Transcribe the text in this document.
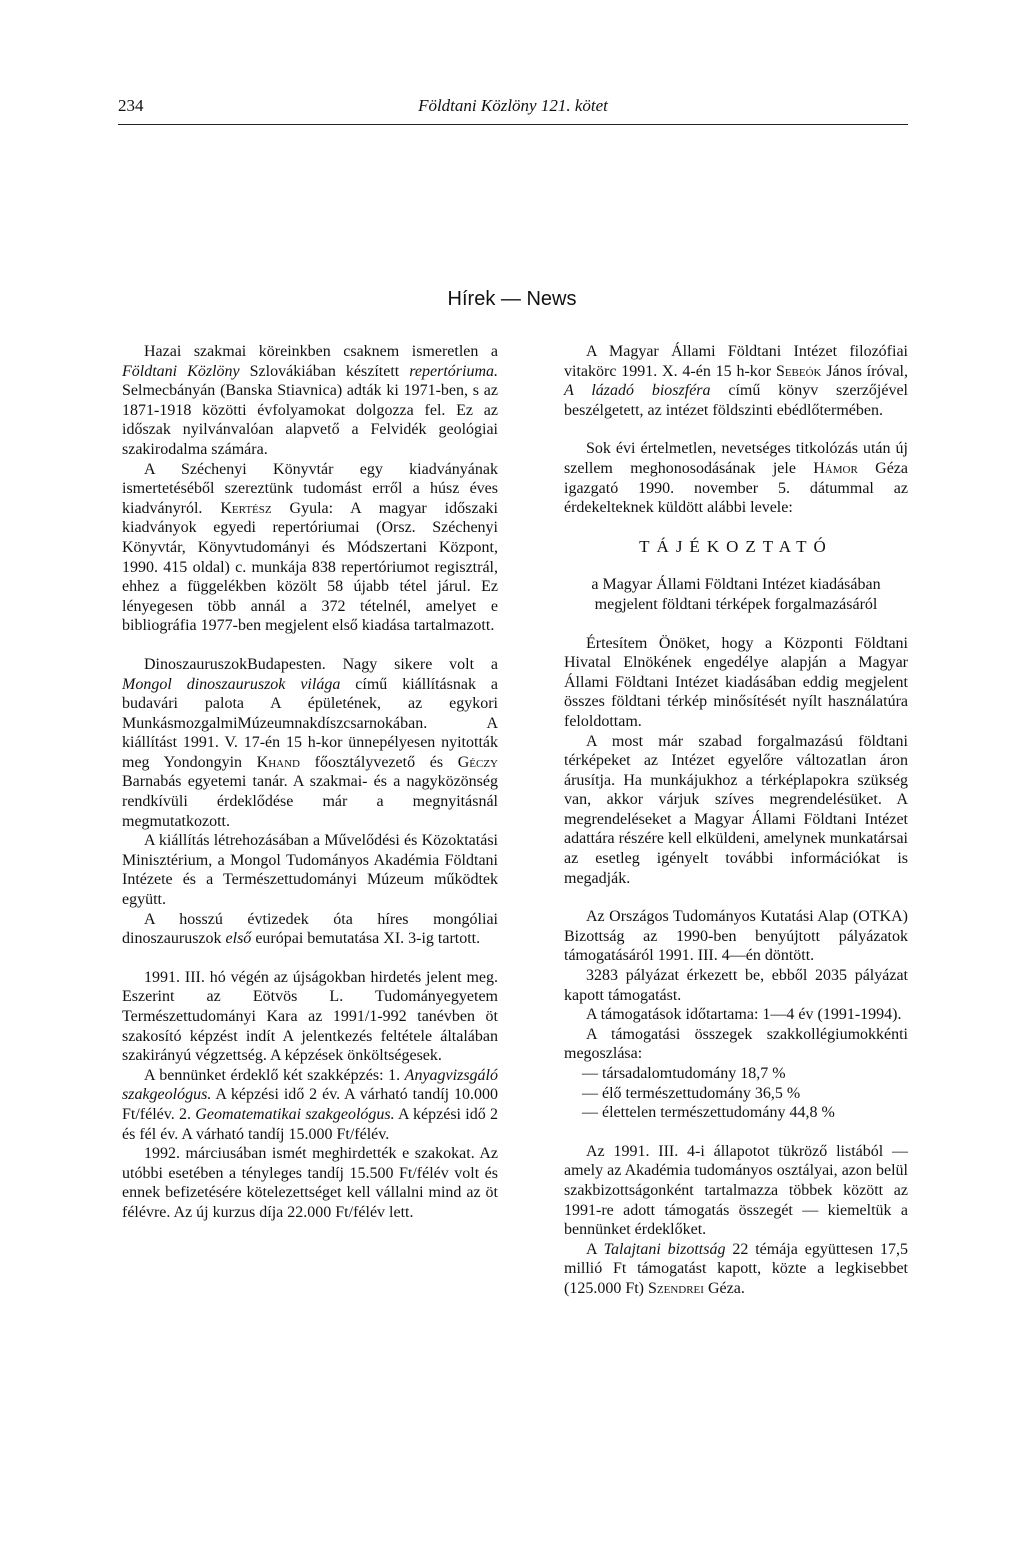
234	Földtani Közlöny 121. kötet
Hírek — News

Hazai szakmai köreinkben csaknem ismeretlen a Földtani Közlöny Szlovákiában készített repertóriuma. Selmecbányán (Banska Stiavnica) adták ki 1971-ben, s az 1871-1918 közötti évfolyamokat dolgozza fel. Ez az időszak nyilvánvalóan alapvető a Felvidék geológiai szakirodalma számára.

A Széchenyi Könyvtár egy kiadványának ismertetéséből szereztünk tudomást erről a húsz éves kiadványról. Kertész Gyula: A magyar időszaki kiadványok egyedi repertóriumai (Orsz. Széchenyi Könyvtár, Könyvtudományi és Módszertani Központ, 1990. 415 oldal) c. munkája 838 repertóriumot regisztrál, ehhez a függelékben közölt 58 újabb tétel járul. Ez lényegesen több annál a 372 tételnél, amelyet e bibliográfia 1977-ben megjelent első kiadása tartalmazott.

DinoszauruszokBudapesten. Nagy sikere volt a Mongol dinoszauruszok világa című kiállításnak a budavári palota A épületének, az egykori MunkásmozgalmiMúzeumnakdíszcsarnokában. A kiállítást 1991. V. 17-én 15 h-kor ünnepélyesen nyitották meg Yondongyin Khand főosztályvezető és Géczy Barnabás egyetemi tanár. A szakmai- és a nagyközönség rendkívüli érdeklődése már a megnyitásnál megmutatkozott.

A kiállítás létrehozásában a Művelődési és Közoktatási Minisztérium, a Mongol Tudományos Akadémia Földtani Intézete és a Természettudományi Múzeum működtek együtt.

A hosszú évtizedek óta híres mongóliai dinoszauruszok első európai bemutatása XI. 3-ig tartott.

1991. III. hó végén az újságokban hirdetés jelent meg. Eszerint az Eötvös L. Tudományegyetem Természettudományi Kara az 1991/1-992 tanévben öt szakosító képzést indít A jelentkezés feltétele általában szakirányú végzettség. A képzések önköltségesek.

A bennünket érdeklő két szakképzés: 1. Anyagvizsgáló szakgeológus. A képzési idő 2 év. A várható tandíj 10.000 Ft/félév. 2. Geomatematikai szakgeológus. A képzési idő 2 és fél év. A várható tandíj 15.000 Ft/félév.

1992. márciusában ismét meghirdették e szakokat. Az utóbbi esetében a tényleges tandíj 15.500 Ft/félév volt és ennek befizetésére kötelezettséget kell vállalni mind az öt félévre. Az új kurzus díja 22.000 Ft/félév lett.

A Magyar Állami Földtani Intézet filozófiai vitakörc 1991. X. 4-én 15 h-kor Sebeók János íróval, A lázadó bioszféra című könyv szerzőjével beszélgetett, az intézet földszinti ebédlőtermében.

Sok évi értelmetlen, nevetséges titkolózás után új szellem meghonosodásának jele Hámor Géza igazgató 1990. november 5. dátummal az érdekelteknek küldött alábbi levele:

TÁJÉKOZTATÓ

a Magyar Állami Földtani Intézet kiadásában megjelent földtani térképek forgalmazásáról

Értesítem Önöket, hogy a Központi Földtani Hivatal Elnökének engedélye alapján a Magyar Állami Földtani Intézet kiadásában eddig megjelent összes földtani térkép minősítését nyílt használatúra feloldottam.

A most már szabad forgalmazású földtani térképeket az Intézet egyelőre változatlan áron árusítja. Ha munkájukhoz a térképlapokra szükség van, akkor várjuk szíves megrendelésüket. A megrendeléseket a Magyar Állami Földtani Intézet adattára részére kell elküldeni, amelynek munkatársai az esetleg igényelt további információkat is megadják.

Az Országos Tudományos Kutatási Alap (OTKA) Bizottság az 1990-ben benyújtott pályázatok támogatásáról 1991. III. 4—én döntött.

3283 pályázat érkezett be, ebből 2035 pályázat kapott támogatást.

A támogatások időtartama: 1—4 év (1991-1994).

A támogatási összegek szakkollégiumokkénti megoszlása:

— társadalomtudomány 18,7 %

— élő természettudomány 36,5 %

— élettelen természettudomány 44,8 %

Az 1991. III. 4-i állapotot tükröző listából — amely az Akadémia tudományos osztályai, azon belül szakbizottságonként tartalmazza többek között az 1991-re adott támogatás összegét — kiemeltük a bennünket érdeklőket.

A Talajtani bizottság 22 témája együttesen 17,5 millió Ft támogatást kapott, közte a legkisebbet (125.000 Ft) Szendrei Géza.
